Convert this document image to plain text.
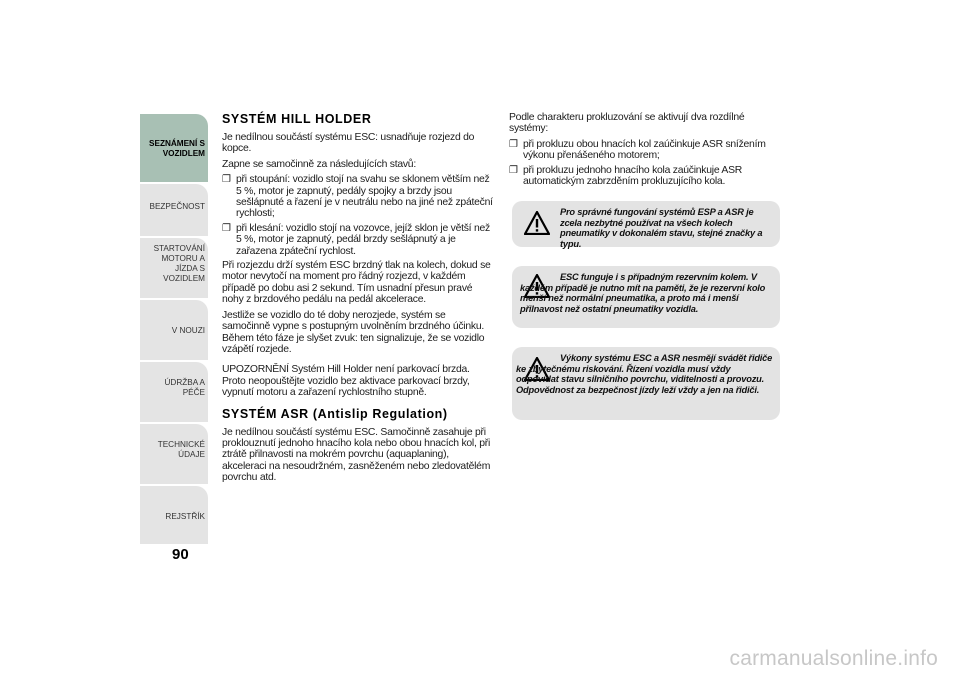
SEZNÁMENÍ S
VOZIDLEM
BEZPEČNOST
STARTOVÁNÍ
MOTORU A JÍZDA S
VOZIDLEM
V NOUZI
ÚDRŽBA A PÉČE
TECHNICKÉ ÚDAJE
REJSTŘÍK
90
SYSTÉM HILL HOLDER

Je nedílnou součástí systému ESC: usnadňuje rozjezd do kopce.

Zapne se samočinně za následujících stavů:

❐ při stoupání: vozidlo stojí na svahu se sklonem větším než 5 %, motor je zapnutý, pedály spojky a brzdy jsou sešlápnuté a řazení je v neutrálu nebo na jiné než zpáteční rychlosti;
❐ při klesání: vozidlo stojí na vozovce, jejíž sklon je větší než 5 %, motor je zapnutý, pedál brzdy sešlápnutý a je zařazena zpáteční rychlost.

Při rozjezdu drží systém ESC brzdný tlak na kolech, dokud se motor nevytočí na moment pro řádný rozjezd, v každém případě po dobu asi 2 sekund. Tím usnadní přesun pravé nohy z brzdového pedálu na pedál akcelerace.

Jestliže se vozidlo do té doby nerozjede, systém se samočinně vypne s postupným uvolněním brzdného účinku. Během této fáze je slyšet zvuk: ten signalizuje, že se vozidlo vzápětí rozjede.

UPOZORNĚNÍ Systém Hill Holder není parkovací brzda. Proto neopouštějte vozidlo bez aktivace parkovací brzdy, vypnutí motoru a zařazení rychlostního stupně.

SYSTÉM ASR (Antislip Regulation)

Je nedílnou součástí systému ESC. Samočinně zasahuje při proklouznutí jednoho hnacího kola nebo obou hnacích kol, při ztrátě přilnavosti na mokrém povrchu (aquaplaning), akceleraci na nesoudržném, zasněženém nebo zledovatělém povrchu atd.

Podle charakteru prokluzování se aktivují dva rozdílné systémy:

❐ při prokluzu obou hnacích kol zaúčinkuje ASR snížením výkonu přenášeného motorem;
❐ při prokluzu jednoho hnacího kola zaúčinkuje ASR automatickým zabrzděním prokluzujícího kola.
Pro správné fungování systémů ESP a ASR je zcela nezbytné používat na všech kolech pneumatiky v dokonalém stavu, stejné značky a typu.
ESC funguje i s případným rezervním kolem. V každém případě je nutno mít na paměti, že je rezervní kolo menší než normální pneumatika, a proto má i menší přilnavost než ostatní pneumatiky vozidla.
Výkony systému ESC a ASR nesmějí svádět řidiče ke zbytečnému riskování. Řízení vozidla musí vždy odpovídat stavu silničního povrchu, viditelnosti a provozu. Odpovědnost za bezpečnost jízdy leží vždy a jen na řidiči.
carmanualsonline.info
